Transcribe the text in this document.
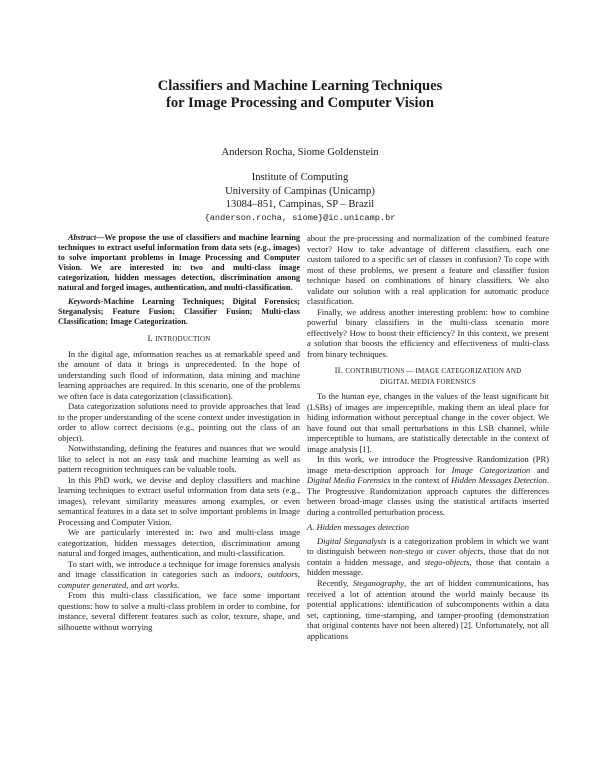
Classifiers and Machine Learning Techniques
for Image Processing and Computer Vision
Anderson Rocha, Siome Goldenstein
Institute of Computing
University of Campinas (Unicamp)
13084–851, Campinas, SP – Brazil
{anderson.rocha, siome}@ic.unicamp.br

Abstract—We propose the use of classifiers and machine learning techniques to extract useful information from data sets (e.g., images) to solve important problems in Image Processing and Computer Vision. We are interested in: two and multi-class image categorization, hidden messages detection, discrimination among natural and forged images, authentication, and multi-classification.

Keywords-Machine Learning Techniques; Digital Forensics; Steganalysis; Feature Fusion; Classifier Fusion; Multi-class Classification; Image Categorization.

I. INTRODUCTION

In the digital age, information reaches us at remarkable speed and the amount of data it brings is unprecedented. In the hope of understanding such flood of information, data mining and machine learning approaches are required. In this scenario, one of the problems we often face is data categorization (classification).

Data categorization solutions need to provide approaches that lead to the proper understanding of the scene context under investigation in order to allow correct decisions (e.g., pointing out the class of an object).

Notwithstanding, defining the features and nuances that we would like to select is not an easy task and machine learning as well as pattern recognition techniques can be valuable tools.

In this PhD work, we devise and deploy classifiers and machine learning techniques to extract useful information from data sets (e.g., images), relevant similarity measures among examples, or even semantical features in a data set to solve important problems in Image Processing and Computer Vision.

We are particularly interested in: two and multi-class image categorization, hidden messages detection, discrimination among natural and forged images, authentication, and multi-classification.

To start with, we introduce a technique for image forensics analysis and image classification in categories such as indoors, outdoors, computer generated, and art works.

From this multi-class classification, we face some important questions: how to solve a multi-class problem in order to combine, for instance, several different features such as color, texture, shape, and silhouette without worrying

about the pre-processing and normalization of the combined feature vector? How to take advantage of different classifiers, each one custom tailored to a specific set of classes in confusion? To cope with most of these problems, we present a feature and classifier fusion technique based on combinations of binary classifiers. We also validate our solution with a real application for automatic produce classification.

Finally, we address another interesting problem: how to combine powerful binary classifiers in the multi-class scenario more effectively? How to boost their efficiency? In this context, we present a solution that boosts the efficiency and effectiveness of multi-class from binary techniques.

II. CONTRIBUTIONS — IMAGE CATEGORIZATION AND
DIGITAL MEDIA FORENSICS

To the human eye, changes in the values of the least significant bit (LSBs) of images are imperceptible, making them an ideal place for hiding information without perceptual change in the cover object. We have found out that small perturbations in this LSB channel, while imperceptible to humans, are statistically detectable in the context of image analysis [1].

In this work, we introduce the Progressive Randomization (PR) image meta-description approach for Image Categorization and Digital Media Forensics in the context of Hidden Messages Detection. The Progressive Randomization approach captures the differences between broad-image classes using the statistical artifacts inserted during a controlled perturbation process.

A. Hidden messages detection

Digital Steganalysis is a categorization problem in which we want to distinguish between non-stego or cover objects, those that do not contain a hidden message, and stego-objects, those that contain a hidden message.

Recently, Steganography, the art of hidden communications, has received a lot of attention around the world mainly because its potential applications: identification of subcomponents within a data set, captioning, time-stamping, and tamper-proofing (demonstration that original contents have not been altered) [2]. Unfortunately, not all applications
